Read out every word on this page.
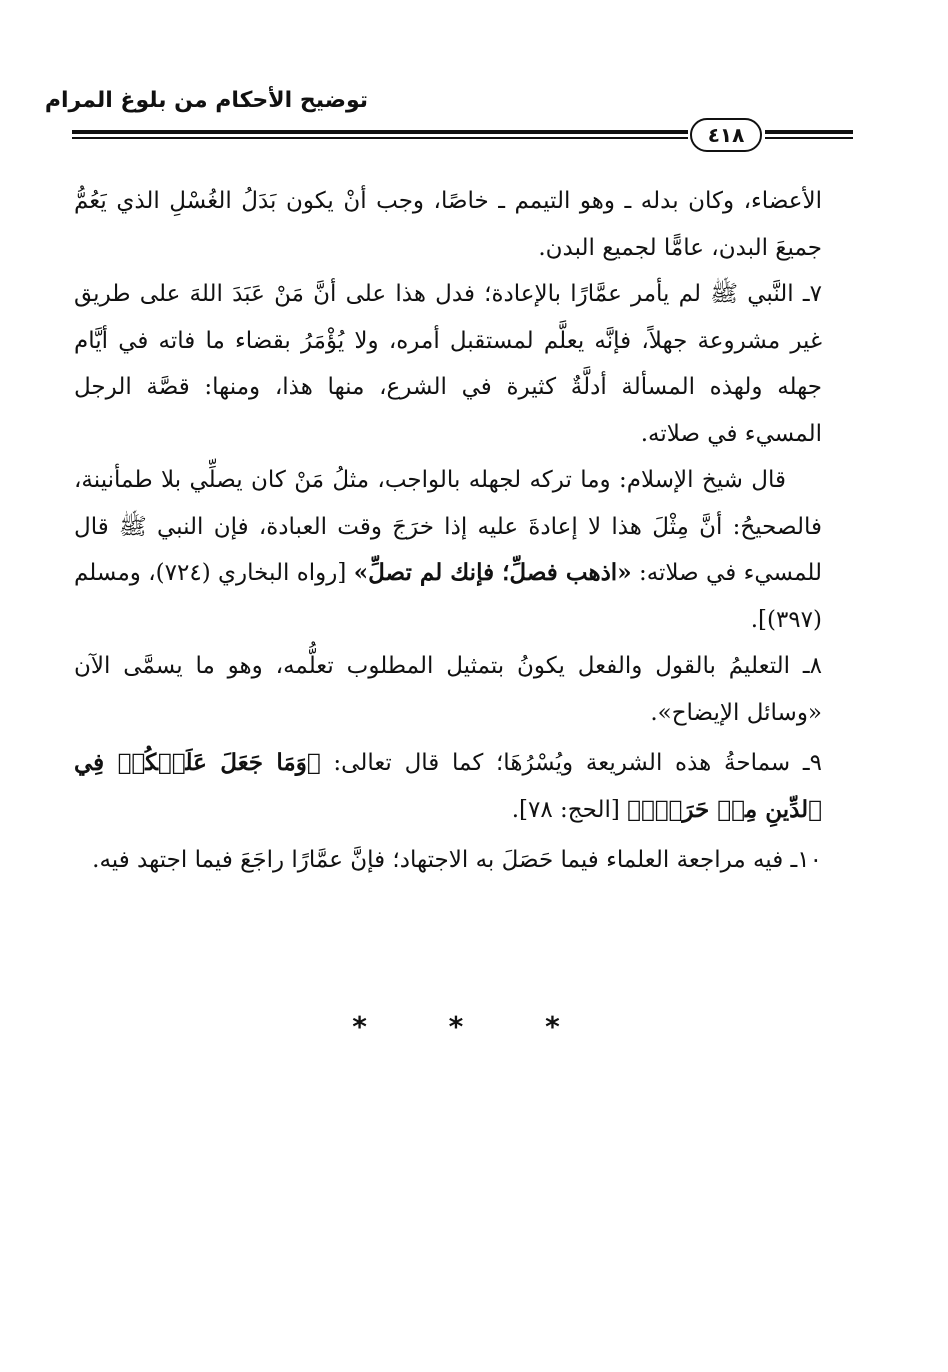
توضيح الأحكام من بلوغ المرام
٤١٨

الأعضاء، وكان بدله ـ وهو التيمم ـ خاصًا، وجب أنْ يكون بَدَلُ الغُسْلِ الذي يَعُمُّ جميعَ البدن، عامًّا لجميع البدن.

٧ـ النَّبي ﷺ لم يأمر عمَّارًا بالإعادة؛ فدل هذا على أنَّ مَنْ عَبَدَ اللهَ على طريق غير مشروعة جهلاً، فإنَّه يعلَّم لمستقبل أمره، ولا يُؤْمَرُ بقضاء ما فاته في أيَّام جهله ولهذه المسألة أدلَّةٌ كثيرة في الشرع، منها هذا، ومنها: قصَّة الرجل المسيء في صلاته.

قال شيخ الإسلام: وما تركه لجهله بالواجب، مثلُ مَنْ كان يصلِّي بلا طمأنينة، فالصحيحُ: أنَّ مِثْلَ هذا لا إعادةَ عليه إذا خرَجَ وقت العبادة، فإن النبي ﷺ قال للمسيء في صلاته: «اذهب فصلِّ؛ فإنك لم تصلِّ» [رواه البخاري (٧٢٤)، ومسلم (٣٩٧)].

٨ـ التعليمُ بالقول والفعل يكونُ بتمثيل المطلوب تعلُّمه، وهو ما يسمَّى الآن «وسائل الإيضاح».

٩ـ سماحةُ هذه الشريعة ويُسْرُهَا؛ كما قال تعالى: ﴿وَمَا جَعَلَ عَلَيۡكُمۡ فِي ٱلدِّينِ مِنۡ حَرَجٖۚ﴾ [الحج: ٧٨].

١٠ـ فيه مراجعة العلماء فيما حَصَلَ به الاجتهاد؛ فإنَّ عمَّارًا راجَعَ فيما اجتهد فيه.

* * *
